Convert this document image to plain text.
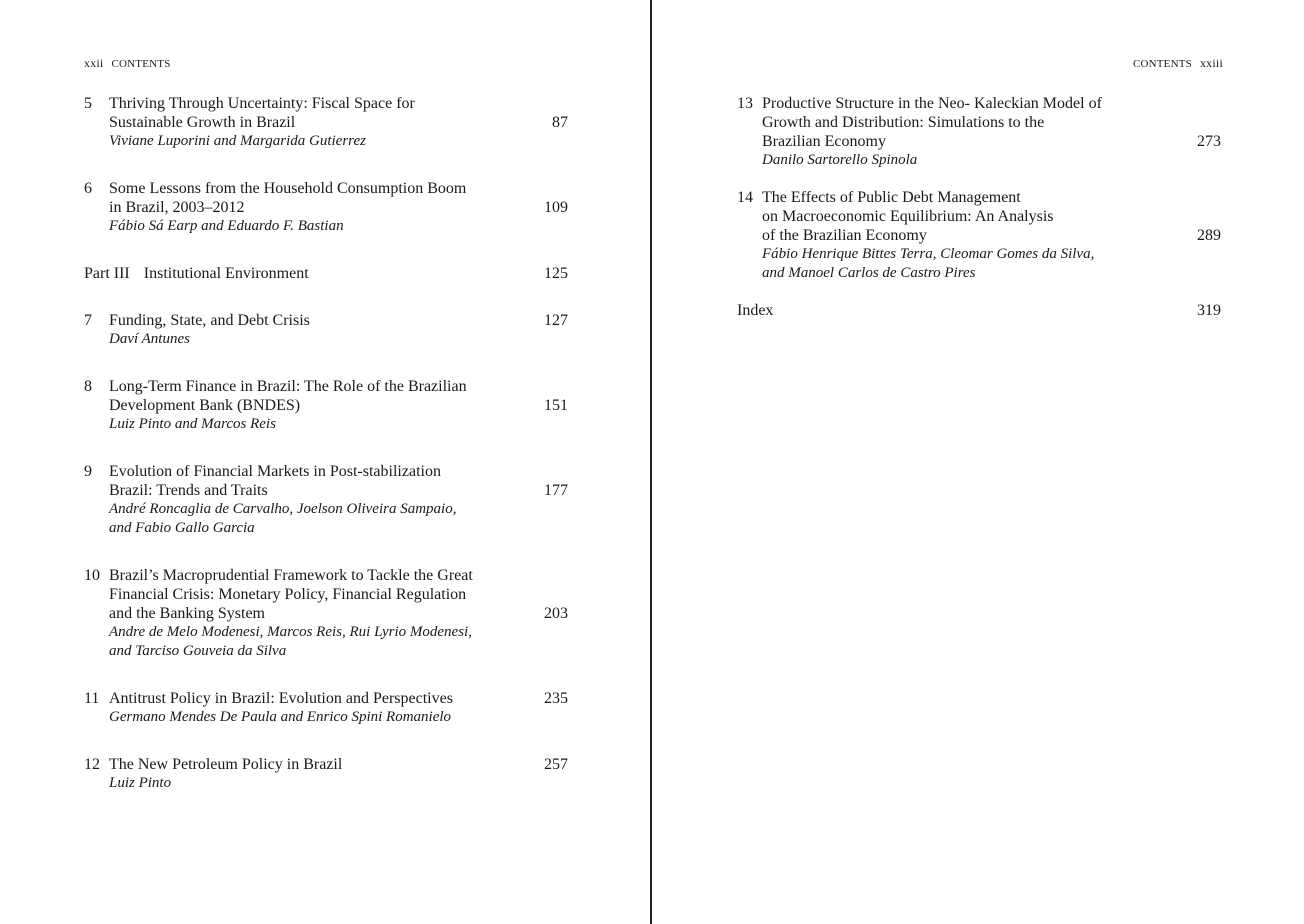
xxii CONTENTS
5 Thriving Through Uncertainty: Fiscal Space for
Sustainable Growth in Brazil
Viviane Luporini and Margarida Gutierrez
87
6 Some Lessons from the Household Consumption Boom
in Brazil, 2003–2012
Fábio Sá Earp and Eduardo F. Bastian
109
Part III Institutional Environment	125
7 Funding, State, and Debt Crisis
Daví Antunes
127
8 Long-Term Finance in Brazil: The Role of the Brazilian
Development Bank (BNDES)
Luiz Pinto and Marcos Reis
151
9 Evolution of Financial Markets in Post-stabilization
Brazil: Trends and Traits
André Roncaglia de Carvalho, Joelson Oliveira Sampaio,
and Fabio Gallo Garcia
177
10 Brazil’s Macroprudential Framework to Tackle the Great
Financial Crisis: Monetary Policy, Financial Regulation
and the Banking System
Andre de Melo Modenesi, Marcos Reis, Rui Lyrio Modenesi,
and Tarciso Gouveia da Silva
203
11 Antitrust Policy in Brazil: Evolution and Perspectives
Germano Mendes De Paula and Enrico Spini Romanielo
235
12 The New Petroleum Policy in Brazil
Luiz Pinto
257
CONTENTS xxiii
13 Productive Structure in the Neo- Kaleckian Model of
Growth and Distribution: Simulations to the
Brazilian Economy
Danilo Sartorello Spinola
273
14 The Effects of Public Debt Management
on Macroeconomic Equilibrium: An Analysis
of the Brazilian Economy
Fábio Henrique Bittes Terra, Cleomar Gomes da Silva,
and Manoel Carlos de Castro Pires
289
Index	319
